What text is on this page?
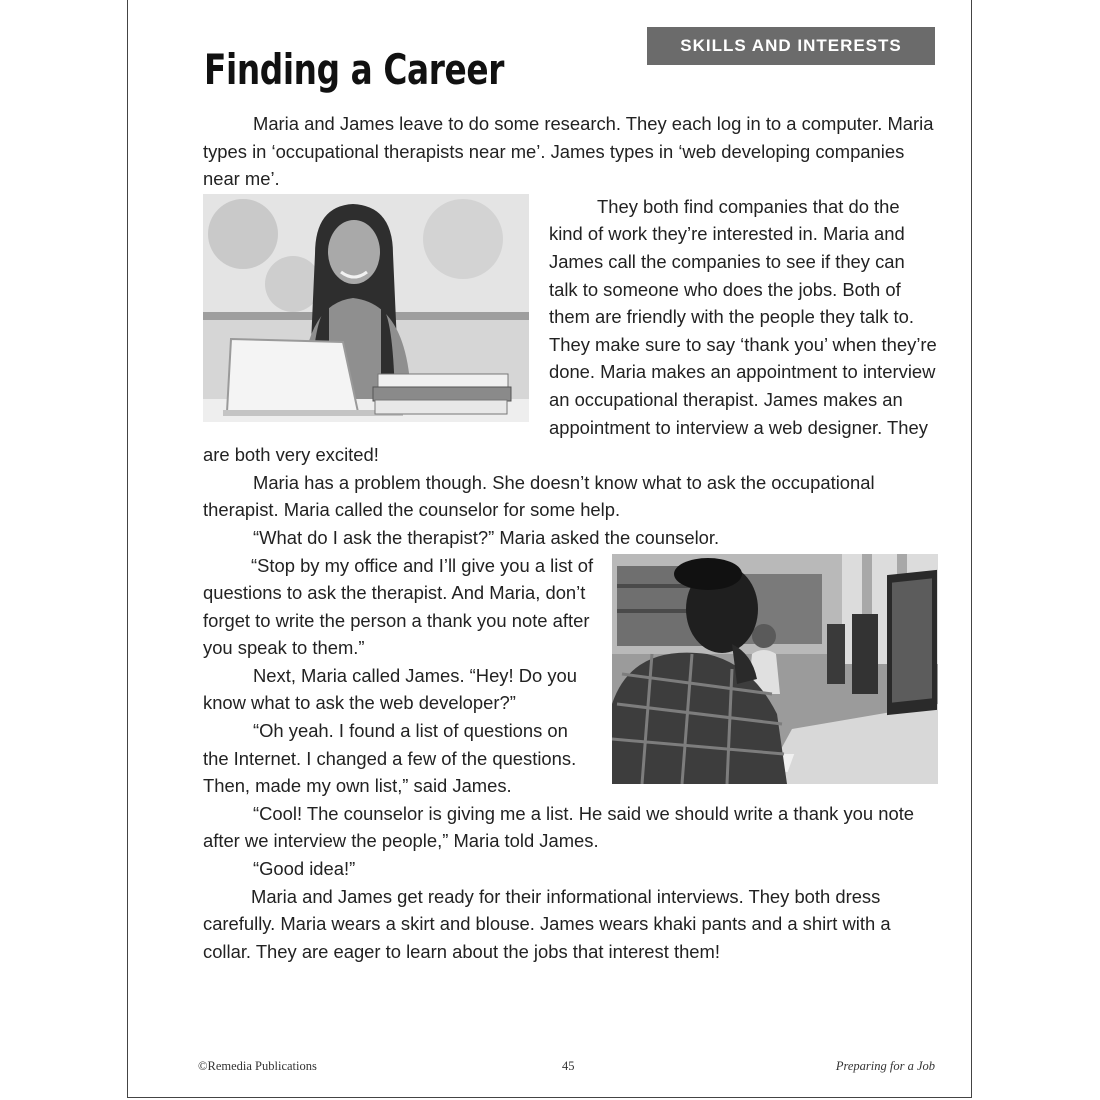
Finding a Career	SKILLS AND INTERESTS

Maria and James leave to do some research. They each log in to a computer. Maria types in ‘occupational therapists near me’. James types in ‘web developing companies near me’.

They both find companies that do the kind of work they’re interested in. Maria and James call the companies to see if they can talk to someone who does the jobs. Both of them are friendly with the people they talk to. They make sure to say ‘thank you’ when they’re done. Maria makes an appointment to interview an occupational therapist. James makes an appointment to interview a web designer. They are both very excited!

Maria has a problem though. She doesn’t know what to ask the occupational therapist. Maria called the counselor for some help.

“What do I ask the therapist?” Maria asked the counselor.

“Stop by my office and I’ll give you a list of questions to ask the therapist. And Maria, don’t forget to write the person a thank you note after you speak to them.”

Next, Maria called James. “Hey! Do you know what to ask the web developer?”

“Oh yeah. I found a list of questions on the Internet. I changed a few of the questions. Then, made my own list,” said James.

“Cool! The counselor is giving me a list. He said we should write a thank you note after we interview the people,” Maria told James.

“Good idea!”

Maria and James get ready for their informational interviews. They both dress carefully. Maria wears a skirt and blouse. James wears khaki pants and a shirt with a collar. They are eager to learn about the jobs that interest them!

©Remedia Publications	45	Preparing for a Job
